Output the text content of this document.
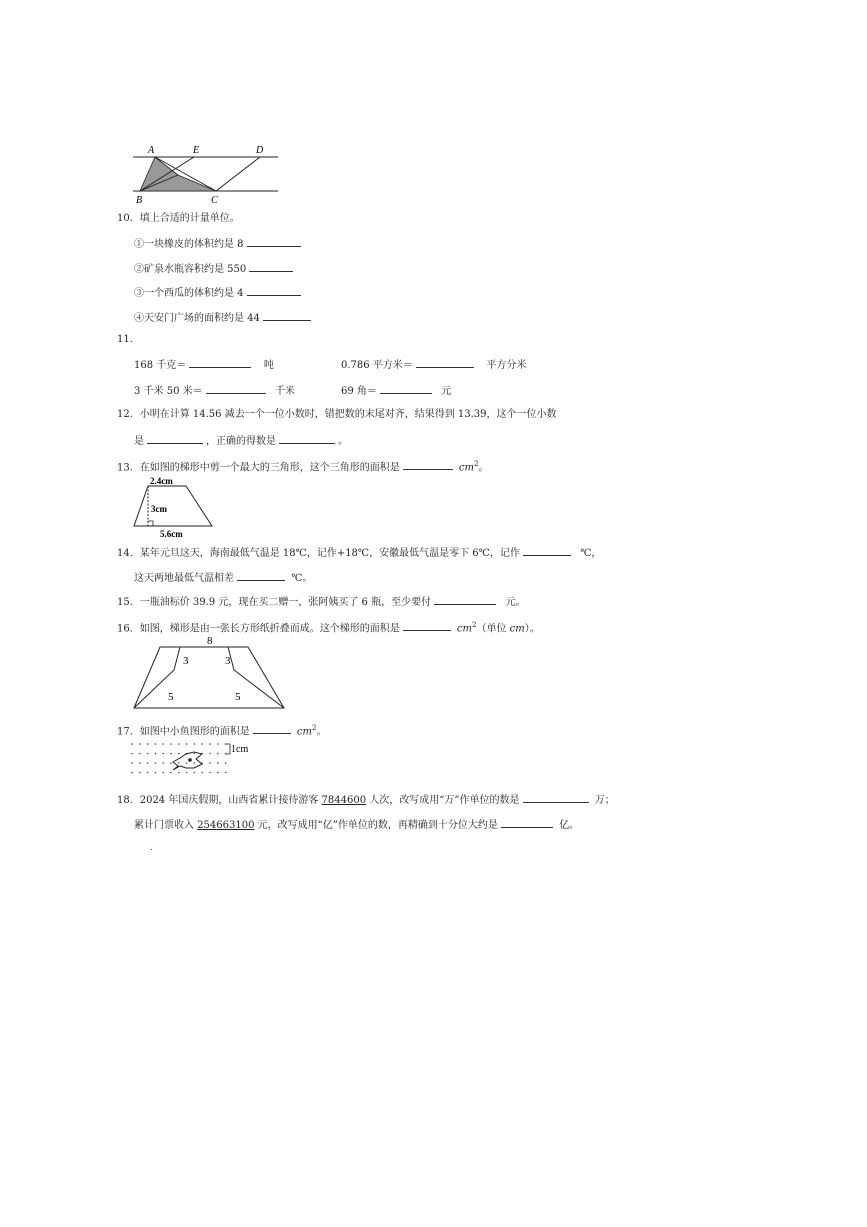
A	E	D
B	C
10．填上合适的计量单位。
①一块橡皮的体积约是 8
②矿泉水瓶容积约是 550
③一个西瓜的体积约是 4
④天安门广场的面积约是 44
11．
168 千克＝	吨	0.786 平方米＝	平方分米
3 千米 50 米＝	千米	69 角＝	元
12．小明在计算 14.56 减去一个一位小数时，错把数的末尾对齐，结果得到 13.39，这个一位小数
是	，正确的得数是	。
13．在如图的梯形中剪一个最大的三角形，这个三角形的面积是	$cm^2$。
2.4cm
3cm
5.6cm
14．某年元旦这天，海南最低气温是 18℃，记作+18℃，安徽最低气温是零下 6℃，记作	℃，
这天两地最低气温相差	℃。
15．一瓶油标价 39.9 元，现在买二赠一，张阿姨买了 6 瓶，至少要付	元。
16．如图，梯形是由一张长方形纸折叠而成。这个梯形的面积是	$cm^2$（单位 cm）。
8
3	3
5	5
17．如图中小鱼图形的面积是	$cm^2$。
1cm
18．2024 年国庆假期，山西省累计接待游客 7844600 人次，改写成用“万”作单位的数是	万；
累计门票收入 254663100 元，改写成用“亿”作单位的数，再精确到十分位大约是	亿。
.
